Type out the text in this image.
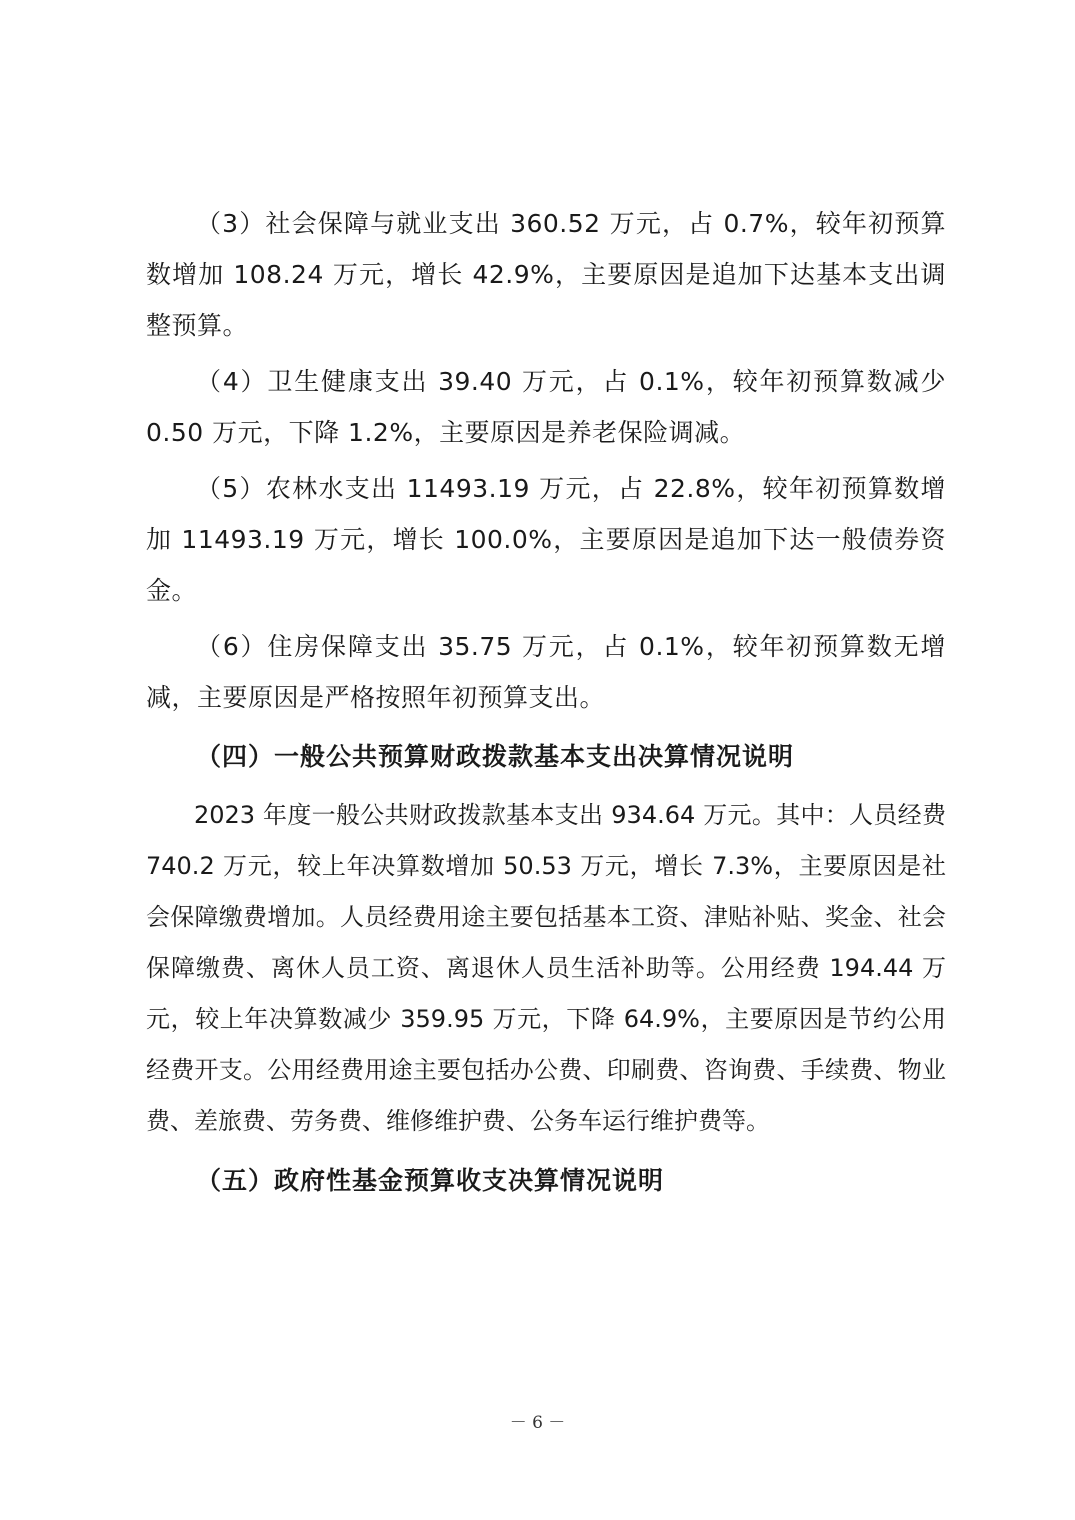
（3）社会保障与就业支出 360.52 万元，占 0.7%，较年初预算数增加 108.24 万元，增长 42.9%，主要原因是追加下达基本支出调整预算。

（4）卫生健康支出 39.40 万元，占 0.1%，较年初预算数减少 0.50 万元，下降 1.2%，主要原因是养老保险调减。

（5）农林水支出 11493.19 万元，占 22.8%，较年初预算数增加 11493.19 万元，增长 100.0%，主要原因是追加下达一般债券资金。

（6）住房保障支出 35.75 万元，占 0.1%，较年初预算数无增减，主要原因是严格按照年初预算支出。

（四）一般公共预算财政拨款基本支出决算情况说明

2023 年度一般公共财政拨款基本支出 934.64 万元。其中：人员经费 740.2 万元，较上年决算数增加 50.53 万元，增长 7.3%，主要原因是社会保障缴费增加。人员经费用途主要包括基本工资、津贴补贴、奖金、社会保障缴费、离休人员工资、离退休人员生活补助等。公用经费 194.44 万元，较上年决算数减少 359.95 万元，下降 64.9%，主要原因是节约公用经费开支。公用经费用途主要包括办公费、印刷费、咨询费、手续费、物业费、差旅费、劳务费、维修维护费、公务车运行维护费等。

（五）政府性基金预算收支决算情况说明

－ 6 －
